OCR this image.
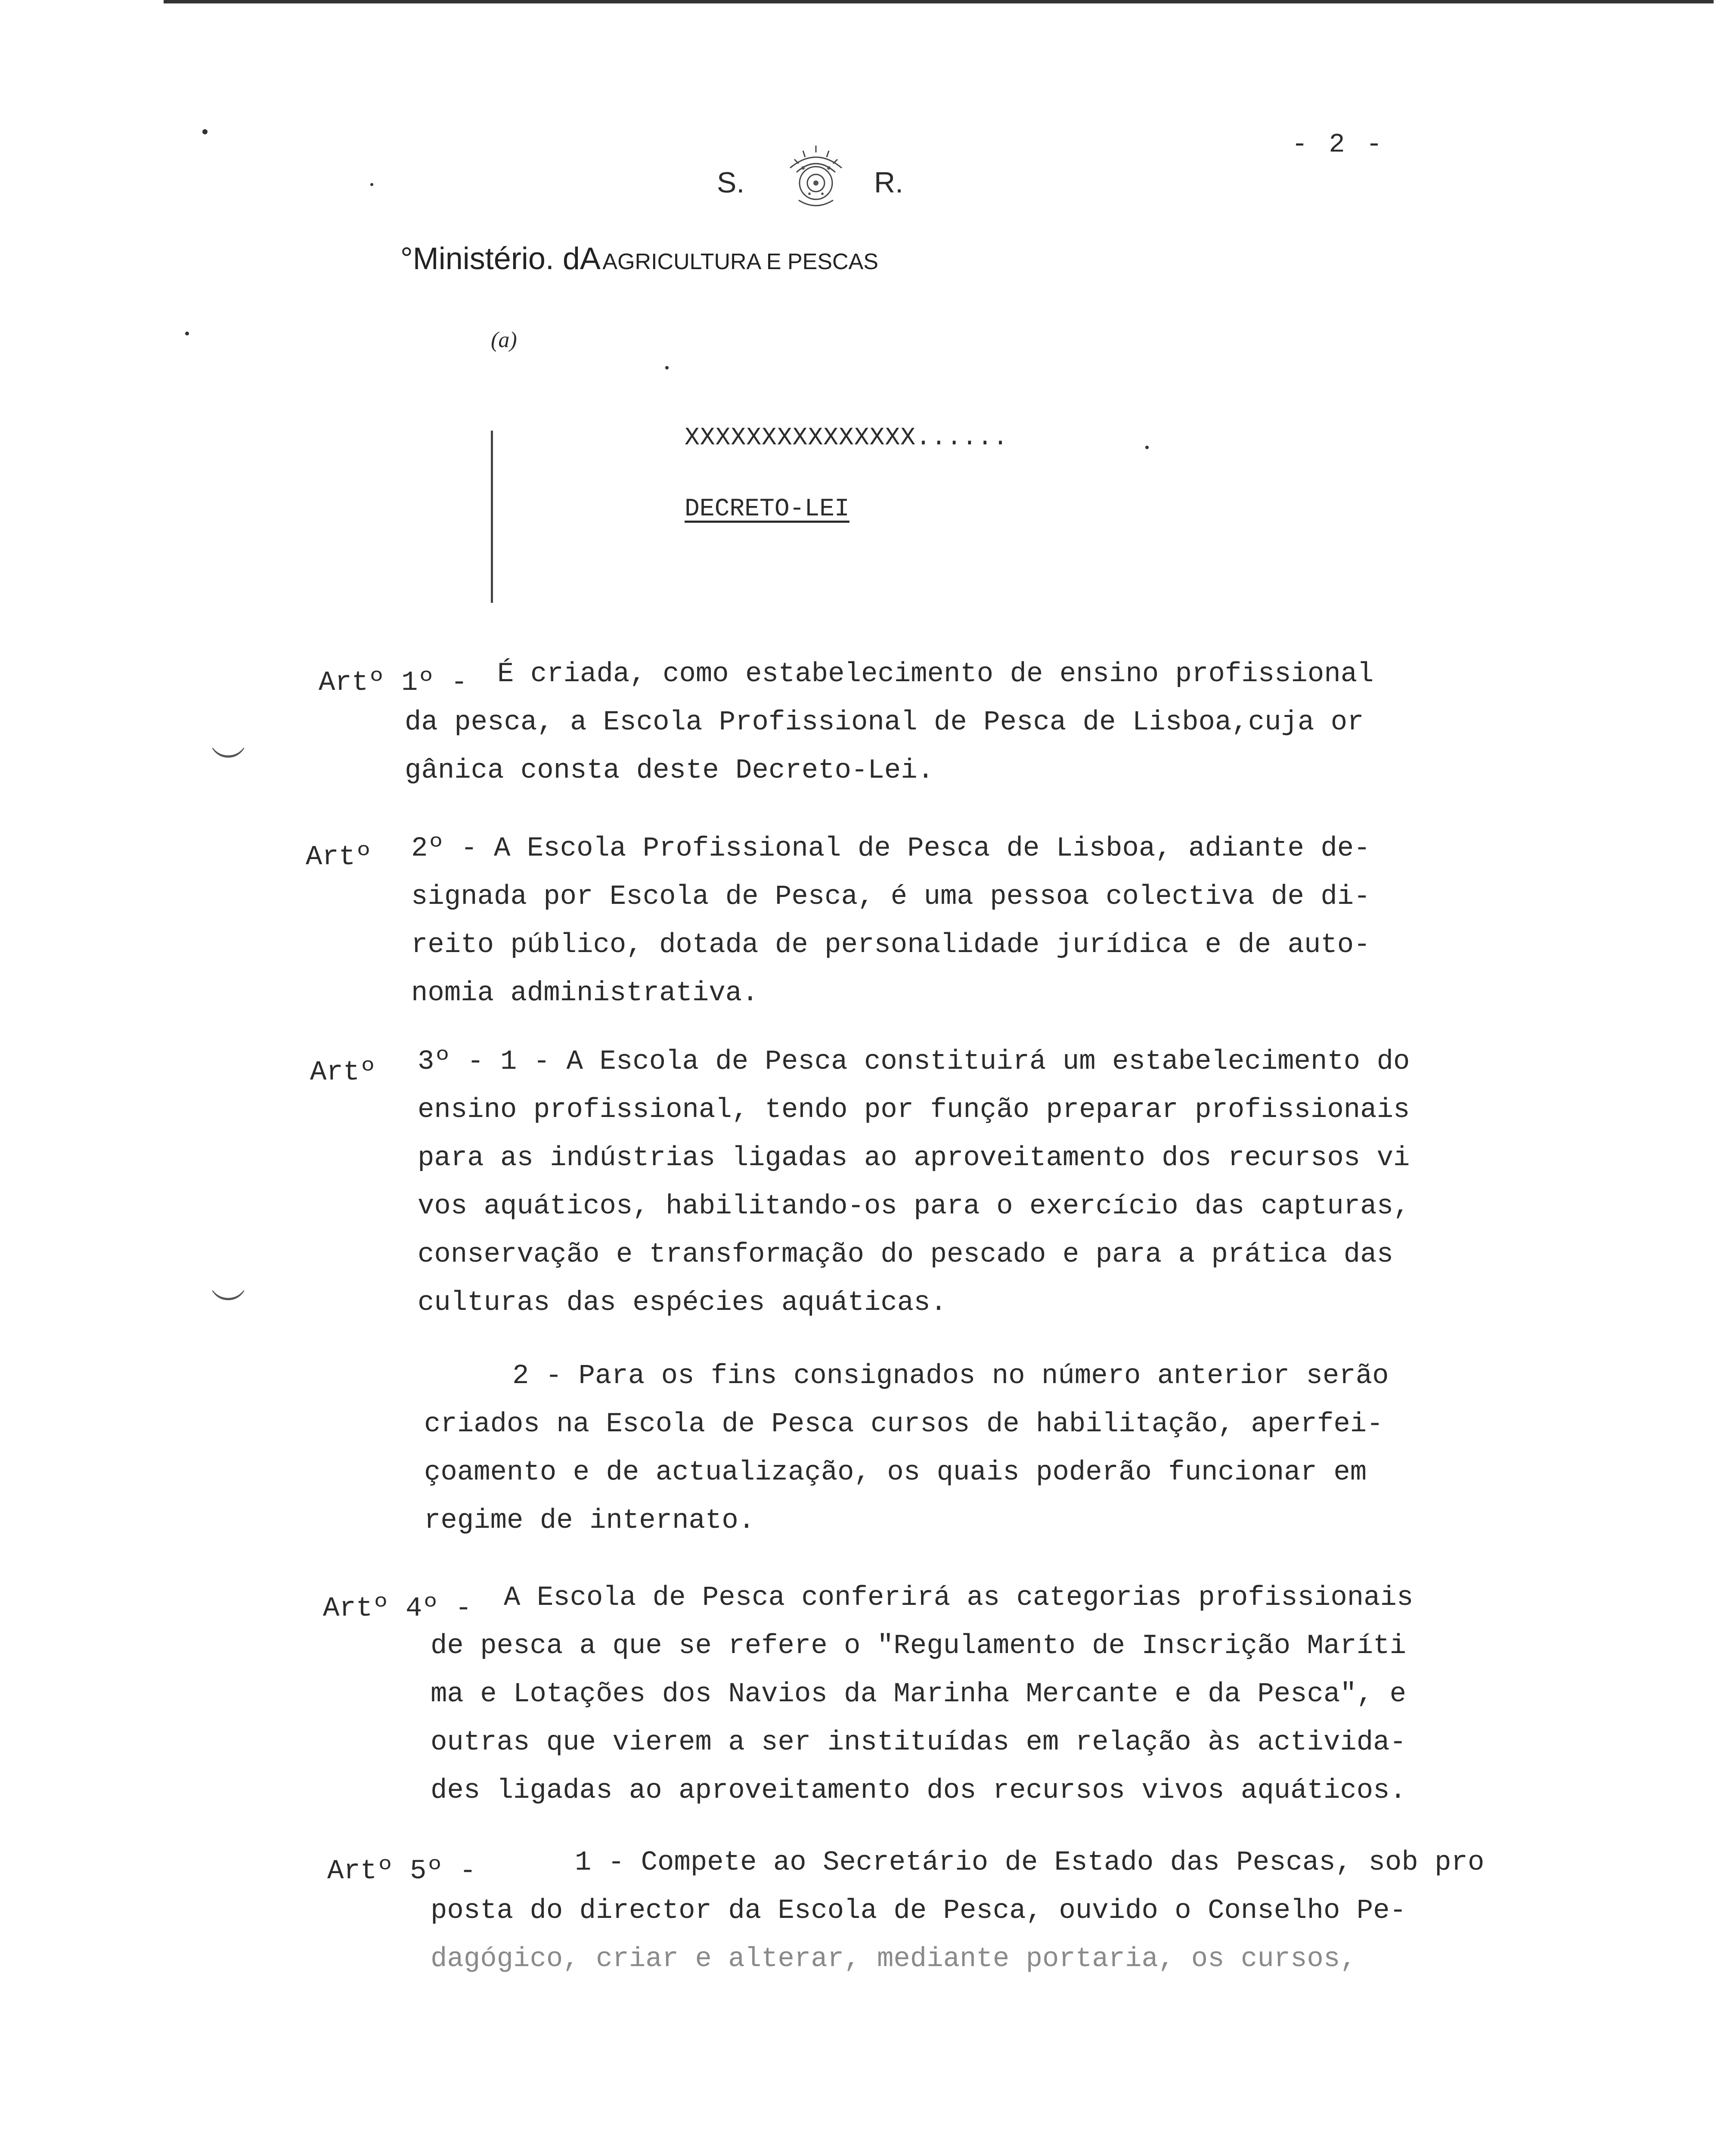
︶
︶
- 2 -
S.	R.
°Ministério. dA AGRICULTURA E PESCAS
(a)
XXXXXXXXXXXXXXX......
DECRETO-LEI
Artº 1º - É criada, como estabelecimento de ensino profissional
da pesca, a Escola Profissional de Pesca de Lisboa,cuja or
gânica consta deste Decreto-Lei.
Artº 2º - A Escola Profissional de Pesca de Lisboa, adiante de-
signada por Escola de Pesca, é uma pessoa colectiva de di-
reito público, dotada de personalidade jurídica e de auto-
nomia administrativa.
Artº 3º - 1 - A Escola de Pesca constituirá um estabelecimento do
ensino profissional, tendo por função preparar profissionais
para as indústrias ligadas ao aproveitamento dos recursos vi
vos aquáticos, habilitando-os para o exercício das capturas,
conservação e transformação do pescado e para a prática das
culturas das espécies aquáticas.
2 - Para os fins consignados no número anterior serão
criados na Escola de Pesca cursos de habilitação, aperfei-
çoamento e de actualização, os quais poderão funcionar em
regime de internato.
Artº 4º - A Escola de Pesca conferirá as categorias profissionais
de pesca a que se refere o "Regulamento de Inscrição Maríti
ma e Lotações dos Navios da Marinha Mercante e da Pesca", e
outras que vierem a ser instituídas em relação às activida-
des ligadas ao aproveitamento dos recursos vivos aquáticos.
Artº 5º -	1 - Compete ao Secretário de Estado das Pescas, sob pro
posta do director da Escola de Pesca, ouvido o Conselho Pe-
dagógico, criar e alterar, mediante portaria, os cursos,
